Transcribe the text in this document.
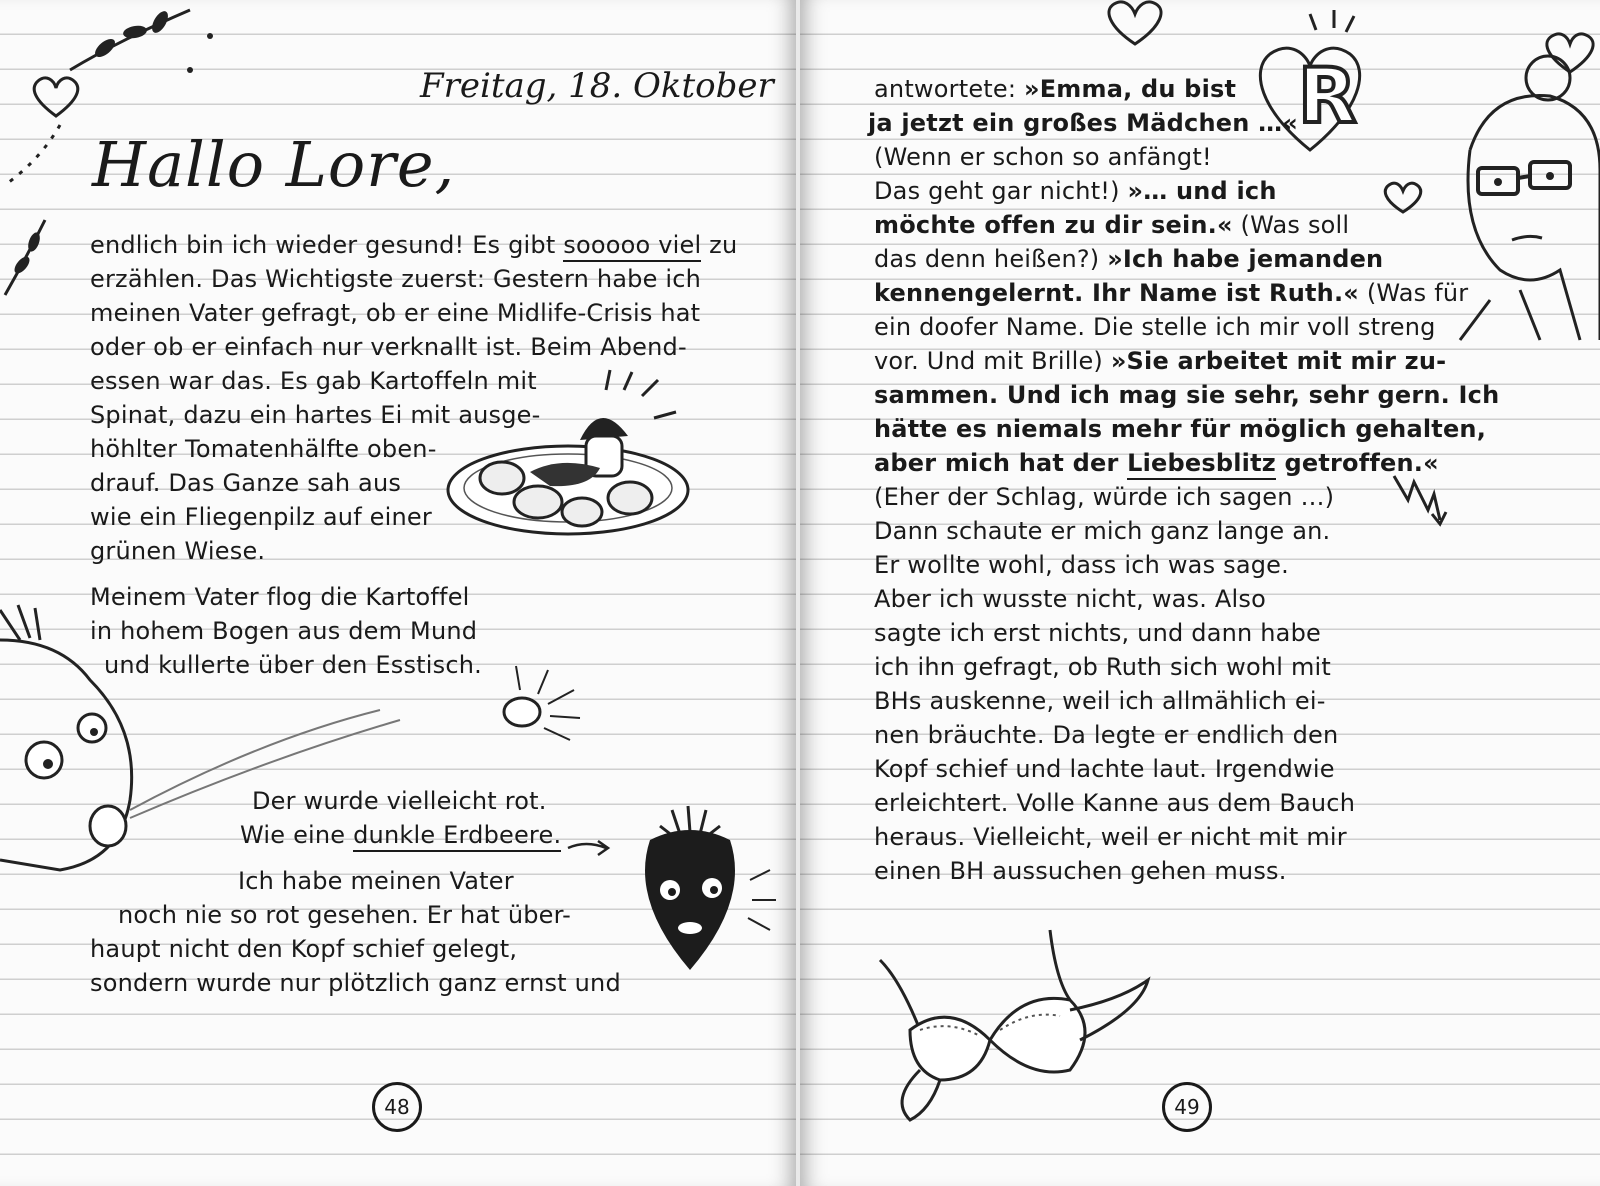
Freitag, 18. Oktober
Hallo Lore,
endlich bin ich wieder gesund! Es gibt sooooo viel zu
erzählen. Das Wichtigste zuerst: Gestern habe ich
meinen Vater gefragt, ob er eine Midlife-Crisis hat
oder ob er einfach nur verknallt ist. Beim Abend-
essen war das. Es gab Kartoffeln mit
Spinat, dazu ein hartes Ei mit ausge-
höhlter Tomatenhälfte oben-
drauf. Das Ganze sah aus
wie ein Fliegenpilz auf einer
grünen Wiese.
Meinem Vater flog die Kartoffel
in hohem Bogen aus dem Mund
und kullerte über den Esstisch.
Der wurde vielleicht rot.
Wie eine dunkle Erdbeere.
Ich habe meinen Vater
noch nie so rot gesehen. Er hat über-
haupt nicht den Kopf schief gelegt,
sondern wurde nur plötzlich ganz ernst und
48
R
antwortete: »Emma, du bist
ja jetzt ein großes Mädchen …«
(Wenn er schon so anfängt!
Das geht gar nicht!) »… und ich
möchte offen zu dir sein.« (Was soll
das denn heißen?) »Ich habe jemanden
kennengelernt. Ihr Name ist Ruth.« (Was für
ein doofer Name. Die stelle ich mir voll streng
vor. Und mit Brille) »Sie arbeitet mit mir zu-
sammen. Und ich mag sie sehr, sehr gern. Ich
hätte es niemals mehr für möglich gehalten,
aber mich hat der Liebesblitz getroffen.«
(Eher der Schlag, würde ich sagen …)
Dann schaute er mich ganz lange an.
Er wollte wohl, dass ich was sage.
Aber ich wusste nicht, was. Also
sagte ich erst nichts, und dann habe
ich ihn gefragt, ob Ruth sich wohl mit
BHs auskenne, weil ich allmählich ei-
nen bräuchte. Da legte er endlich den
Kopf schief und lachte laut. Irgendwie
erleichtert. Volle Kanne aus dem Bauch
heraus. Vielleicht, weil er nicht mit mir
einen BH aussuchen gehen muss.
49
